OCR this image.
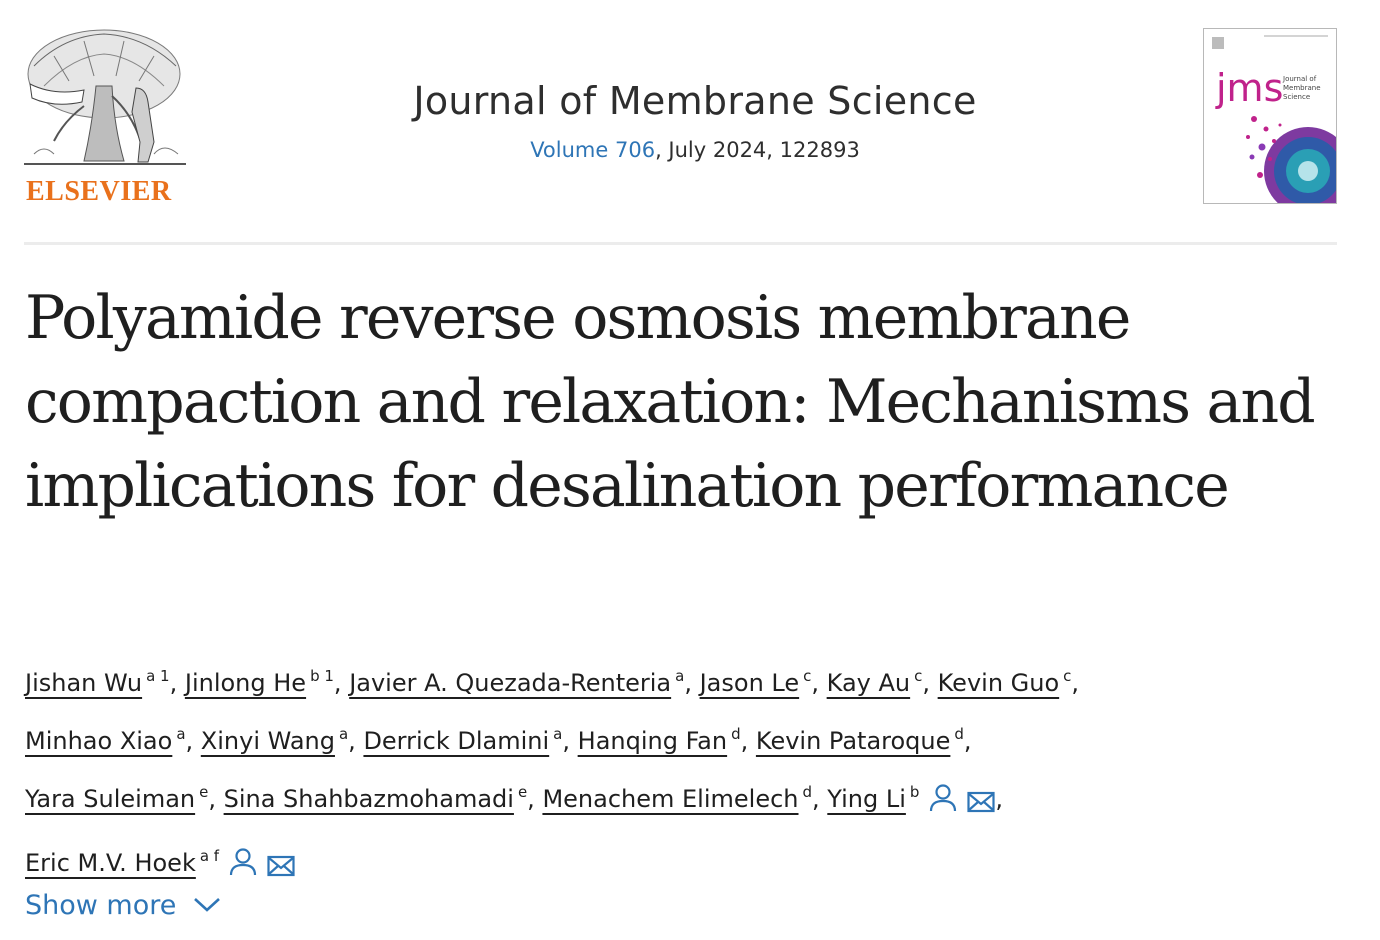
ELSEVIER
Journal of Membrane Science
Volume 706, July 2024, 122893
jms Journal of
Membrane
Science
Polyamide reverse osmosis membrane compaction and relaxation: Mechanisms and implications for desalination performance
Jishan Wu $^{a 1}$, Jinlong He $^{b 1}$, Javier A. Quezada-Renteria $^a$, Jason Le $^c$, Kay Au $^c$, Kevin Guo $^c$,
Minhao Xiao $^a$, Xinyi Wang $^a$, Derrick Dlamini $^a$, Hanqing Fan $^d$, Kevin Pataroque $^d$,
Yara Suleiman $^e$, Sina Shahbazmohamadi $^e$, Menachem Elimelech $^d$, Ying Li $^b$	,
Eric M.V. Hoek $^{a f}$
Show more
